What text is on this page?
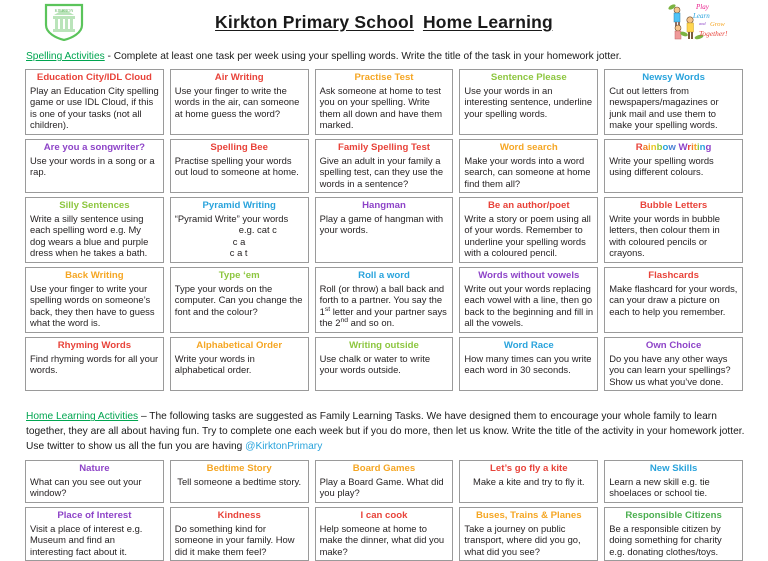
KIRKTON
Kirkton Primary School Home Learning
Play
Learn
and Grow
Together!
Spelling Activities - Complete at least one task per week using your spelling words. Write the title of the task in your homework jotter.
Education City/IDL Cloud
Play an Education City spelling game or use IDL Cloud, if this is one of your tasks (not all children).
Air Writing
Use your finger to write the words in the air, can someone at home guess the word?
Practise Test
Ask someone at home to test you on your spelling. Write them all down and have them marked.
Sentence Please
Use your words in an interesting sentence, underline your spelling words.
Newsy Words
Cut out letters from newspapers/magazines or junk mail and use them to make your spelling words.
Are you a songwriter?
Use your words in a song or a rap.
Spelling Bee
Practise spelling your words out loud to someone at home.
Family Spelling Test
Give an adult in your family a spelling test, can they use the words in a sentence?
Word search
Make your words into a word search, can someone at home find them all?
Rainbow Writing
Write your spelling words using different colours.
Silly Sentences
Write a silly sentence using each spelling word e.g. My dog wears a blue and purple dress when he takes a bath.
Pyramid Writing
“Pyramid Write” your words
e.g. cat c
c a
c a t
Hangman
Play a game of hangman with your words.
Be an author/poet
Write a story or poem using all of your words. Remember to underline your spelling words with a coloured pencil.
Bubble Letters
Write your words in bubble letters, then colour them in with coloured pencils or crayons.
Back Writing
Use your finger to write your spelling words on someone’s back, they then have to guess what the word is.
Type ‘em
Type your words on the computer. Can you change the font and the colour?
Roll a word
Roll (or throw) a ball back and forth to a partner. You say the 1st letter and your partner says the 2nd and so on.
Words without vowels
Write out your words replacing each vowel with a line, then go back to the beginning and fill in all the vowels.
Flashcards
Make flashcard for your words, can your draw a picture on each to help you remember.
Rhyming Words
Find rhyming words for all your words.
Alphabetical Order
Write your words in alphabetical order.
Writing outside
Use chalk or water to write your words outside.
Word Race
How many times can you write each word in 30 seconds.
Own Choice
Do you have any other ways you can learn your spellings? Show us what you’ve done.
Home Learning Activities – The following tasks are suggested as Family Learning Tasks. We have designed them to encourage your whole family to learn together, they are all about having fun. Try to complete one each week but if you do more, then let us know. Write the title of the activity in your homework jotter. Use twitter to show us all the fun you are having @KirktonPrimary
Nature
What can you see out your window?
Bedtime Story
Tell someone a bedtime story.
Board Games
Play a Board Game. What did you play?
Let’s go fly a kite
Make a kite and try to fly it.
New Skills
Learn a new skill e.g. tie shoelaces or school tie.
Place of Interest
Visit a place of interest e.g. Museum and find an interesting fact about it.
Kindness
Do something kind for someone in your family. How did it make them feel?
I can cook
Help someone at home to make the dinner, what did you make?
Buses, Trains & Planes
Take a journey on public transport, where did you go, what did you see?
Responsible Citizens
Be a responsible citizen by doing something for charity e.g. donating clothes/toys.
